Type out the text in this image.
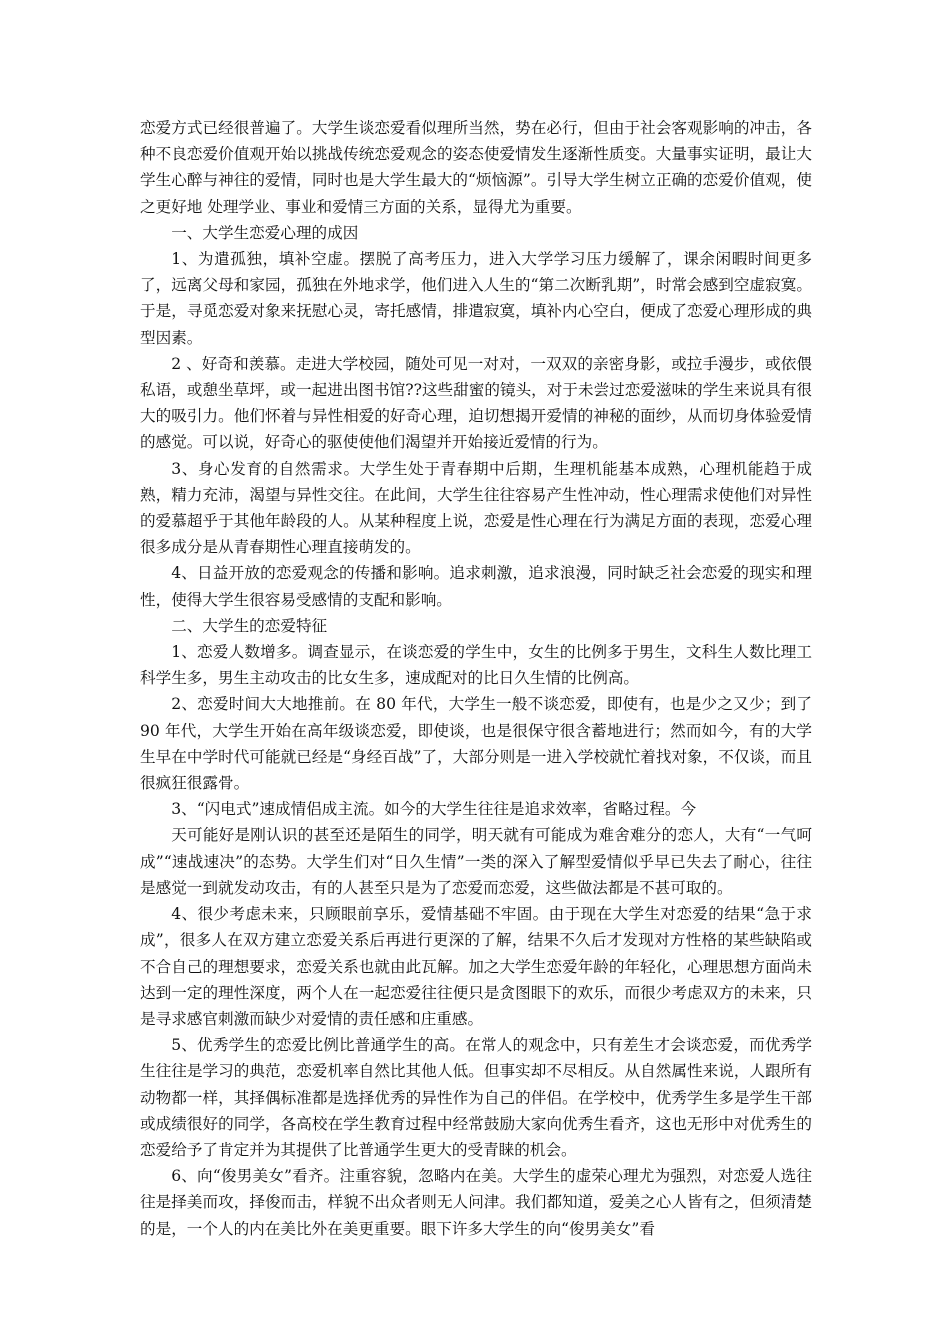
恋爱方式已经很普遍了。大学生谈恋爱看似理所当然，势在必行，但由于社会客观影响的冲击，各种不良恋爱价值观开始以挑战传统恋爱观念的姿态使爱情发生逐渐性质变。大量事实证明，最让大学生心醉与神往的爱情，同时也是大学生最大的“烦恼源”。引导大学生树立正确的恋爱价值观，使之更好地 处理学业、事业和爱情三方面的关系，显得尤为重要。

一、大学生恋爱心理的成因

1、为遣孤独，填补空虚。摆脱了高考压力，进入大学学习压力缓解了，课余闲暇时间更多了，远离父母和家园，孤独在外地求学，他们进入人生的“第二次断乳期”，时常会感到空虚寂寞。于是，寻觅恋爱对象来抚慰心灵，寄托感情，排遣寂寞，填补内心空白，便成了恋爱心理形成的典型因素。

2 、好奇和羡慕。走进大学校园，随处可见一对对，一双双的亲密身影，或拉手漫步，或依偎私语，或憩坐草坪，或一起进出图书馆??这些甜蜜的镜头，对于未尝过恋爱滋味的学生来说具有很大的吸引力。他们怀着与异性相爱的好奇心理，迫切想揭开爱情的神秘的面纱，从而切身体验爱情的感觉。可以说，好奇心的驱使使他们渴望并开始接近爱情的行为。

3、身心发育的自然需求。大学生处于青春期中后期，生理机能基本成熟，心理机能趋于成熟，精力充沛，渴望与异性交往。在此间，大学生往往容易产生性冲动，性心理需求使他们对异性的爱慕超乎于其他年龄段的人。从某种程度上说，恋爱是性心理在行为满足方面的表现，恋爱心理很多成分是从青春期性心理直接萌发的。

4、日益开放的恋爱观念的传播和影响。追求刺激，追求浪漫，同时缺乏社会恋爱的现实和理性，使得大学生很容易受感情的支配和影响。

二、大学生的恋爱特征

1、恋爱人数增多。调查显示，在谈恋爱的学生中，女生的比例多于男生，文科生人数比理工科学生多，男生主动攻击的比女生多，速成配对的比日久生情的比例高。

2、恋爱时间大大地推前。在 80 年代，大学生一般不谈恋爱，即使有，也是少之又少；到了 90 年代，大学生开始在高年级谈恋爱，即使谈，也是很保守很含蓄地进行；然而如今，有的大学生早在中学时代可能就已经是“身经百战”了，大部分则是一进入学校就忙着找对象，不仅谈，而且很疯狂很露骨。

3、“闪电式”速成情侣成主流。如今的大学生往往是追求效率，省略过程。今

天可能好是刚认识的甚至还是陌生的同学，明天就有可能成为难舍难分的恋人，大有“一气呵成”“速战速决”的态势。大学生们对“日久生情”一类的深入了解型爱情似乎早已失去了耐心，往往是感觉一到就发动攻击，有的人甚至只是为了恋爱而恋爱，这些做法都是不甚可取的。

4、很少考虑未来，只顾眼前享乐，爱情基础不牢固。由于现在大学生对恋爱的结果“急于求成”，很多人在双方建立恋爱关系后再进行更深的了解，结果不久后才发现对方性格的某些缺陷或不合自己的理想要求，恋爱关系也就由此瓦解。加之大学生恋爱年龄的年轻化，心理思想方面尚未达到一定的理性深度，两个人在一起恋爱往往便只是贪图眼下的欢乐，而很少考虑双方的未来，只是寻求感官刺激而缺少对爱情的责任感和庄重感。

5、优秀学生的恋爱比例比普通学生的高。在常人的观念中，只有差生才会谈恋爱，而优秀学生往往是学习的典范，恋爱机率自然比其他人低。但事实却不尽相反。从自然属性来说，人跟所有动物都一样，其择偶标准都是选择优秀的异性作为自己的伴侣。在学校中，优秀学生多是学生干部或成绩很好的同学，各高校在学生教育过程中经常鼓励大家向优秀生看齐，这也无形中对优秀生的恋爱给予了肯定并为其提供了比普通学生更大的受青睐的机会。

6、向“俊男美女”看齐。注重容貌，忽略内在美。大学生的虚荣心理尤为强烈，对恋爱人选往往是择美而攻，择俊而击，样貌不出众者则无人问津。我们都知道，爱美之心人皆有之，但须清楚的是，一个人的内在美比外在美更重要。眼下许多大学生的向“俊男美女”看
